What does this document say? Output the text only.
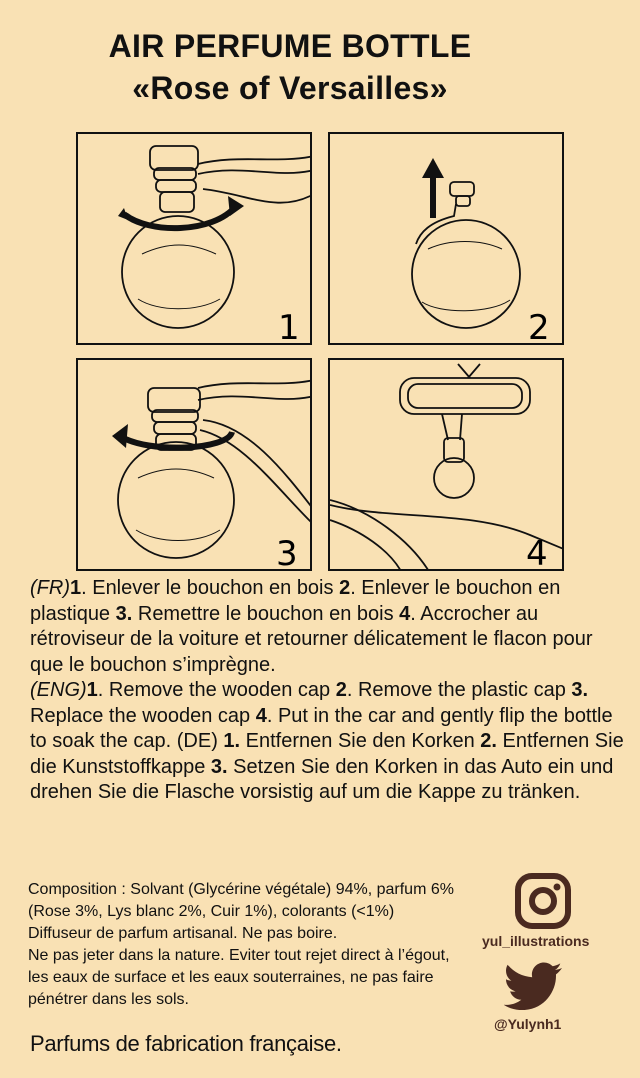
AIR PERFUME BOTTLE
«Rose of Versailles»
1	2
3	4

(FR)1. Enlever le bouchon en bois 2. Enlever le bouchon en plastique 3. Remettre le bouchon en bois 4. Accrocher au rétroviseur de la voiture et retourner délicatement le flacon pour que le bouchon s’imprègne.

(ENG)1. Remove the wooden cap 2. Remove the plastic cap 3. Replace the wooden cap 4. Put in the car and gently flip the bottle to soak the cap. (DE) 1. Entfernen Sie den Korken 2. Entfernen Sie die Kunststoffkappe 3. Setzen Sie den Korken in das Auto ein und drehen Sie die Flasche vorsistig auf um die Kappe zu tränken.

Composition : Solvant (Glycérine végétale) 94%, parfum 6% (Rose 3%, Lys blanc 2%, Cuir 1%), colorants (<1%)

Diffuseur de parfum artisanal. Ne pas boire.

Ne pas jeter dans la nature. Eviter tout rejet direct à l’égout, les eaux de surface et les eaux souterraines, ne pas faire pénétrer dans les sols.

Parfums de fabrication française.
yul_illustrations
@Yulynh1
